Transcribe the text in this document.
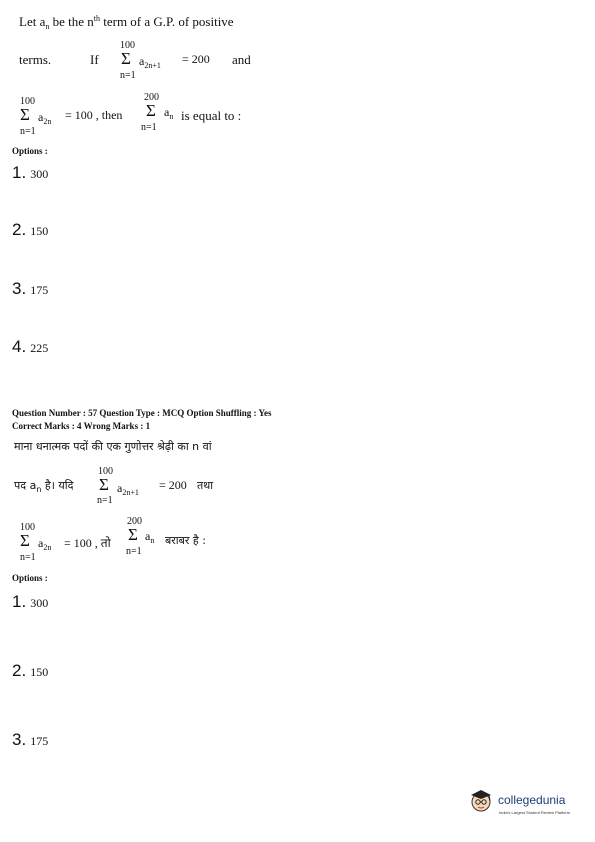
Let $a_n$ be the $n^{th}$ term of a G.P. of positive
terms.	If
100
Σ
n=1
$a_{2n+1} = 200$ and
100
Σ
n=1
$a_{2n} = 100$ , then
200
Σ
n=1
$a_n$ is equal to :
Options :
1. 300
2. 150
3. 175
4. 225
Question Number : 57 Question Type : MCQ Option Shuffling : Yes
Correct Marks : 4 Wrong Marks : 1
माना धनात्मक पदों की एक गुणोत्तर श्रेढ़ी का n वां
पद $a_n$ है। यदि
100
Σ
n=1
$a_{2n+1}$
= 200 तथा
100
Σ
n=1
$a_{2n} = 100$ , तो
200
Σ
n=1
$a_n$ बराबर है :
Options :
1. 300
2. 150
3. 175
collegedunia
India's Largest Student Review Platform
